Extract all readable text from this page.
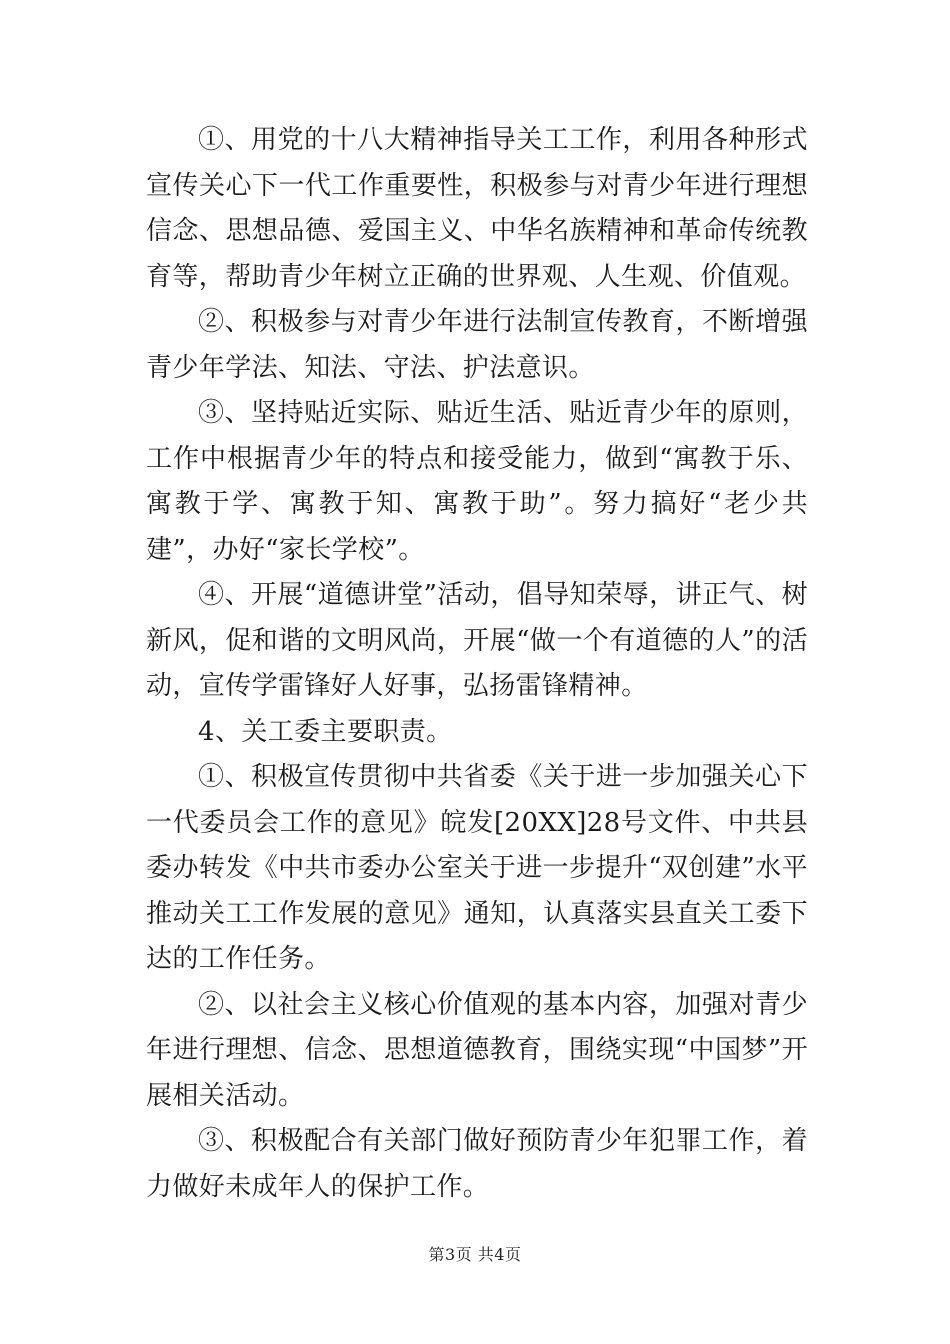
①、用党的十八大精神指导关工工作，利用各种形式宣传关心下一代工作重要性，积极参与对青少年进行理想信念、思想品德、爱国主义、中华名族精神和革命传统教育等，帮助青少年树立正确的世界观、人生观、价值观。

②、积极参与对青少年进行法制宣传教育，不断增强青少年学法、知法、守法、护法意识。

③、坚持贴近实际、贴近生活、贴近青少年的原则，工作中根据青少年的特点和接受能力，做到“寓教于乐、寓教于学、寓教于知、寓教于助”。努力搞好“老少共建”，办好“家长学校”。

④、开展“道德讲堂”活动，倡导知荣辱，讲正气、树新风，促和谐的文明风尚，开展“做一个有道德的人”的活动，宣传学雷锋好人好事，弘扬雷锋精神。

4、关工委主要职责。

①、积极宣传贯彻中共省委《关于进一步加强关心下一代委员会工作的意见》皖发[20XX]28号文件、中共县委办转发《中共市委办公室关于进一步提升“双创建”水平推动关工工作发展的意见》通知，认真落实县直关工委下达的工作任务。

②、以社会主义核心价值观的基本内容，加强对青少年进行理想、信念、思想道德教育，围绕实现“中国梦”开展相关活动。

③、积极配合有关部门做好预防青少年犯罪工作，着力做好未成年人的保护工作。

第3页 共4页
